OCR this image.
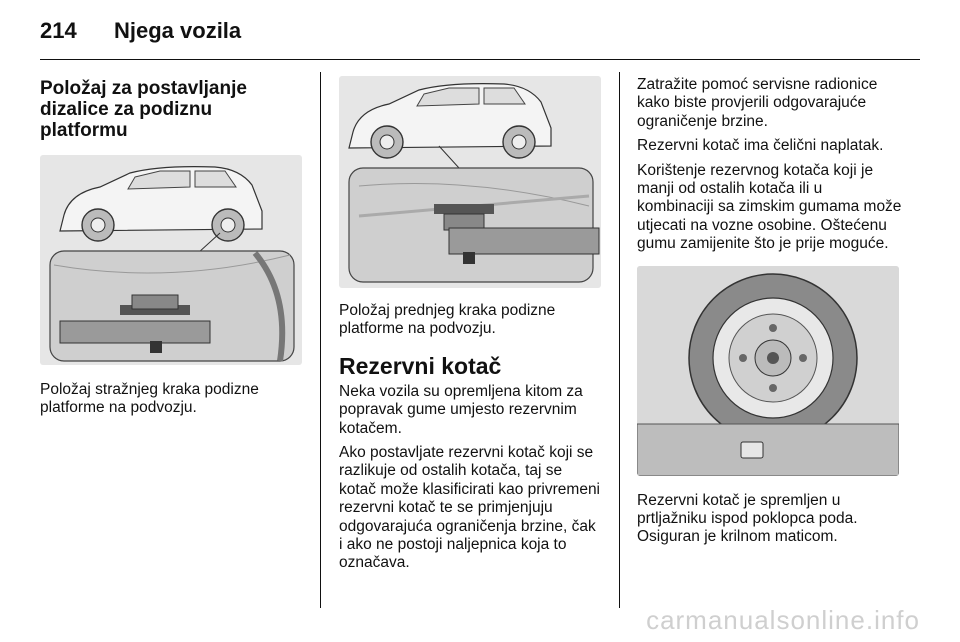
214	Njega vozila
Položaj za postavljanje dizalice za podiznu platformu

Položaj stražnjeg kraka podizne platforme na podvozju.

Položaj prednjeg kraka podizne platforme na podvozju.

Rezervni kotač

Neka vozila su opremljena kitom za popravak gume umjesto rezervnim kotačem.

Ako postavljate rezervni kotač koji se razlikuje od ostalih kotača, taj se kotač može klasificirati kao privremeni rezervni kotač te se primjenjuju odgovarajuća ograničenja brzine, čak i ako ne postoji naljepnica koja to označava.

Zatražite pomoć servisne radionice kako biste provjerili odgovarajuće ograničenje brzine.

Rezervni kotač ima čelični naplatak.

Korištenje rezervnog kotača koji je manji od ostalih kotača ili u kombinaciji sa zimskim gumama može utjecati na vozne osobine. Oštećenu gumu zamijenite što je prije moguće.

Rezervni kotač je spremljen u prtljažniku ispod poklopca poda. Osiguran je krilnom maticom.

carmanualsonline.info
